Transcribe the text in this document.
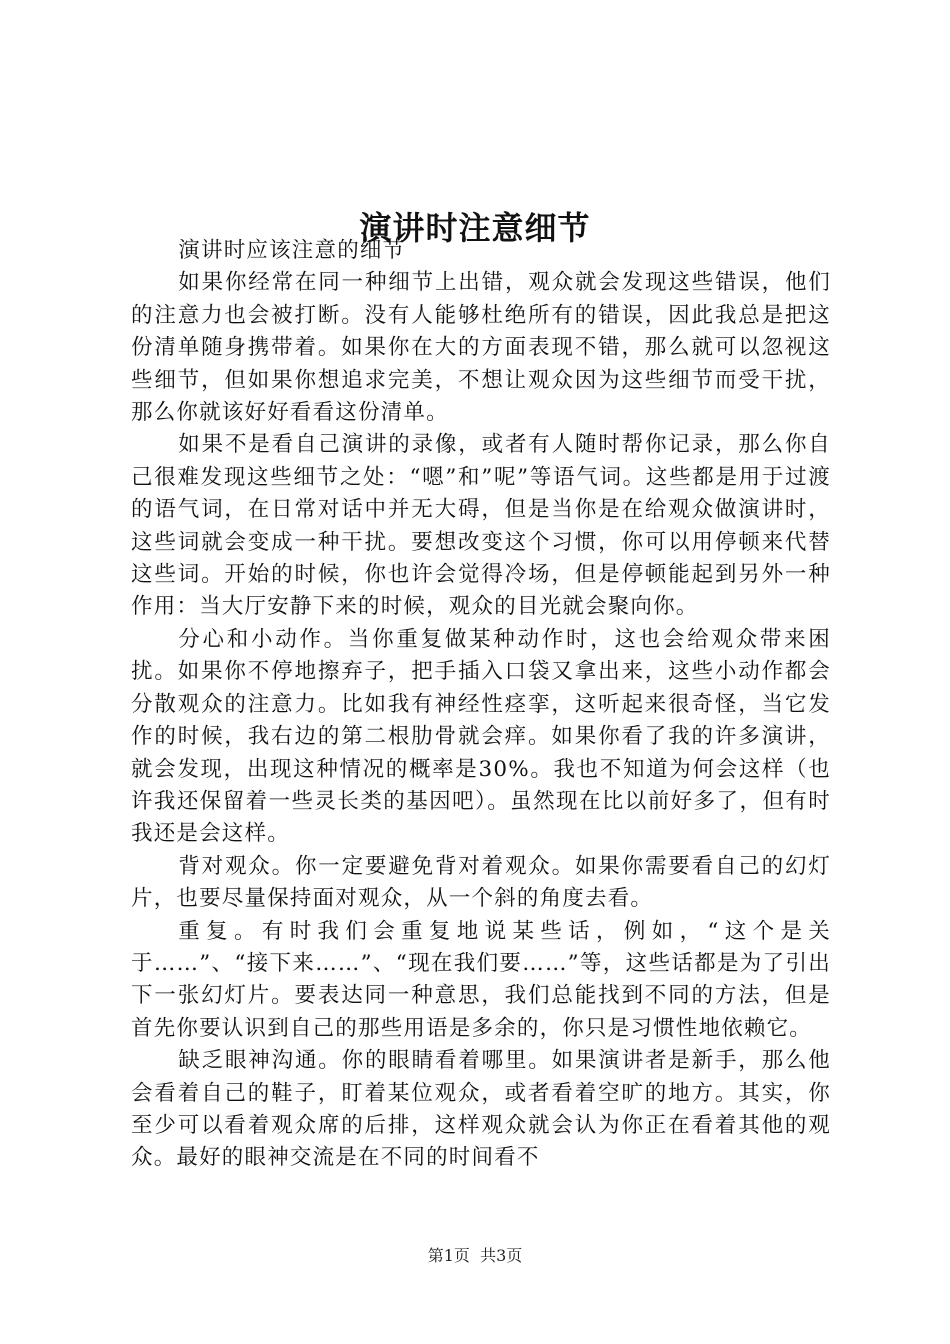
演讲时注意细节

演讲时应该注意的细节

如果你经常在同一种细节上出错，观众就会发现这些错误，他们的注意力也会被打断。没有人能够杜绝所有的错误，因此我总是把这份清单随身携带着。如果你在大的方面表现不错，那么就可以忽视这些细节，但如果你想追求完美，不想让观众因为这些细节而受干扰，那么你就该好好看看这份清单。

如果不是看自己演讲的录像，或者有人随时帮你记录，那么你自己很难发现这些细节之处：“嗯”和”呢”等语气词。这些都是用于过渡的语气词，在日常对话中并无大碍，但是当你是在给观众做演讲时，这些词就会变成一种干扰。要想改变这个习惯，你可以用停顿来代替这些词。开始的时候，你也许会觉得冷场，但是停顿能起到另外一种作用：当大厅安静下来的时候，观众的目光就会聚向你。

分心和小动作。当你重复做某种动作时，这也会给观众带来困扰。如果你不停地擦弃子，把手插入口袋又拿出来，这些小动作都会分散观众的注意力。比如我有神经性痉挛，这听起来很奇怪，当它发作的时候，我右边的第二根肋骨就会痒。如果你看了我的许多演讲，就会发现，出现这种情况的概率是30%。我也不知道为何会这样（也许我还保留着一些灵长类的基因吧）。虽然现在比以前好多了，但有时我还是会这样。

背对观众。你一定要避免背对着观众。如果你需要看自己的幻灯片，也要尽量保持面对观众，从一个斜的角度去看。

重复。有时我们会重复地说某些话，例如，“这个是关于……”、“接下来……”、“现在我们要……”等，这些话都是为了引出下一张幻灯片。要表达同一种意思，我们总能找到不同的方法，但是首先你要认识到自己的那些用语是多余的，你只是习惯性地依赖它。

缺乏眼神沟通。你的眼睛看着哪里。如果演讲者是新手，那么他会看着自己的鞋子，盯着某位观众，或者看着空旷的地方。其实，你至少可以看着观众席的后排，这样观众就会认为你正在看着其他的观众。最好的眼神交流是在不同的时间看不

第1页 共3页
